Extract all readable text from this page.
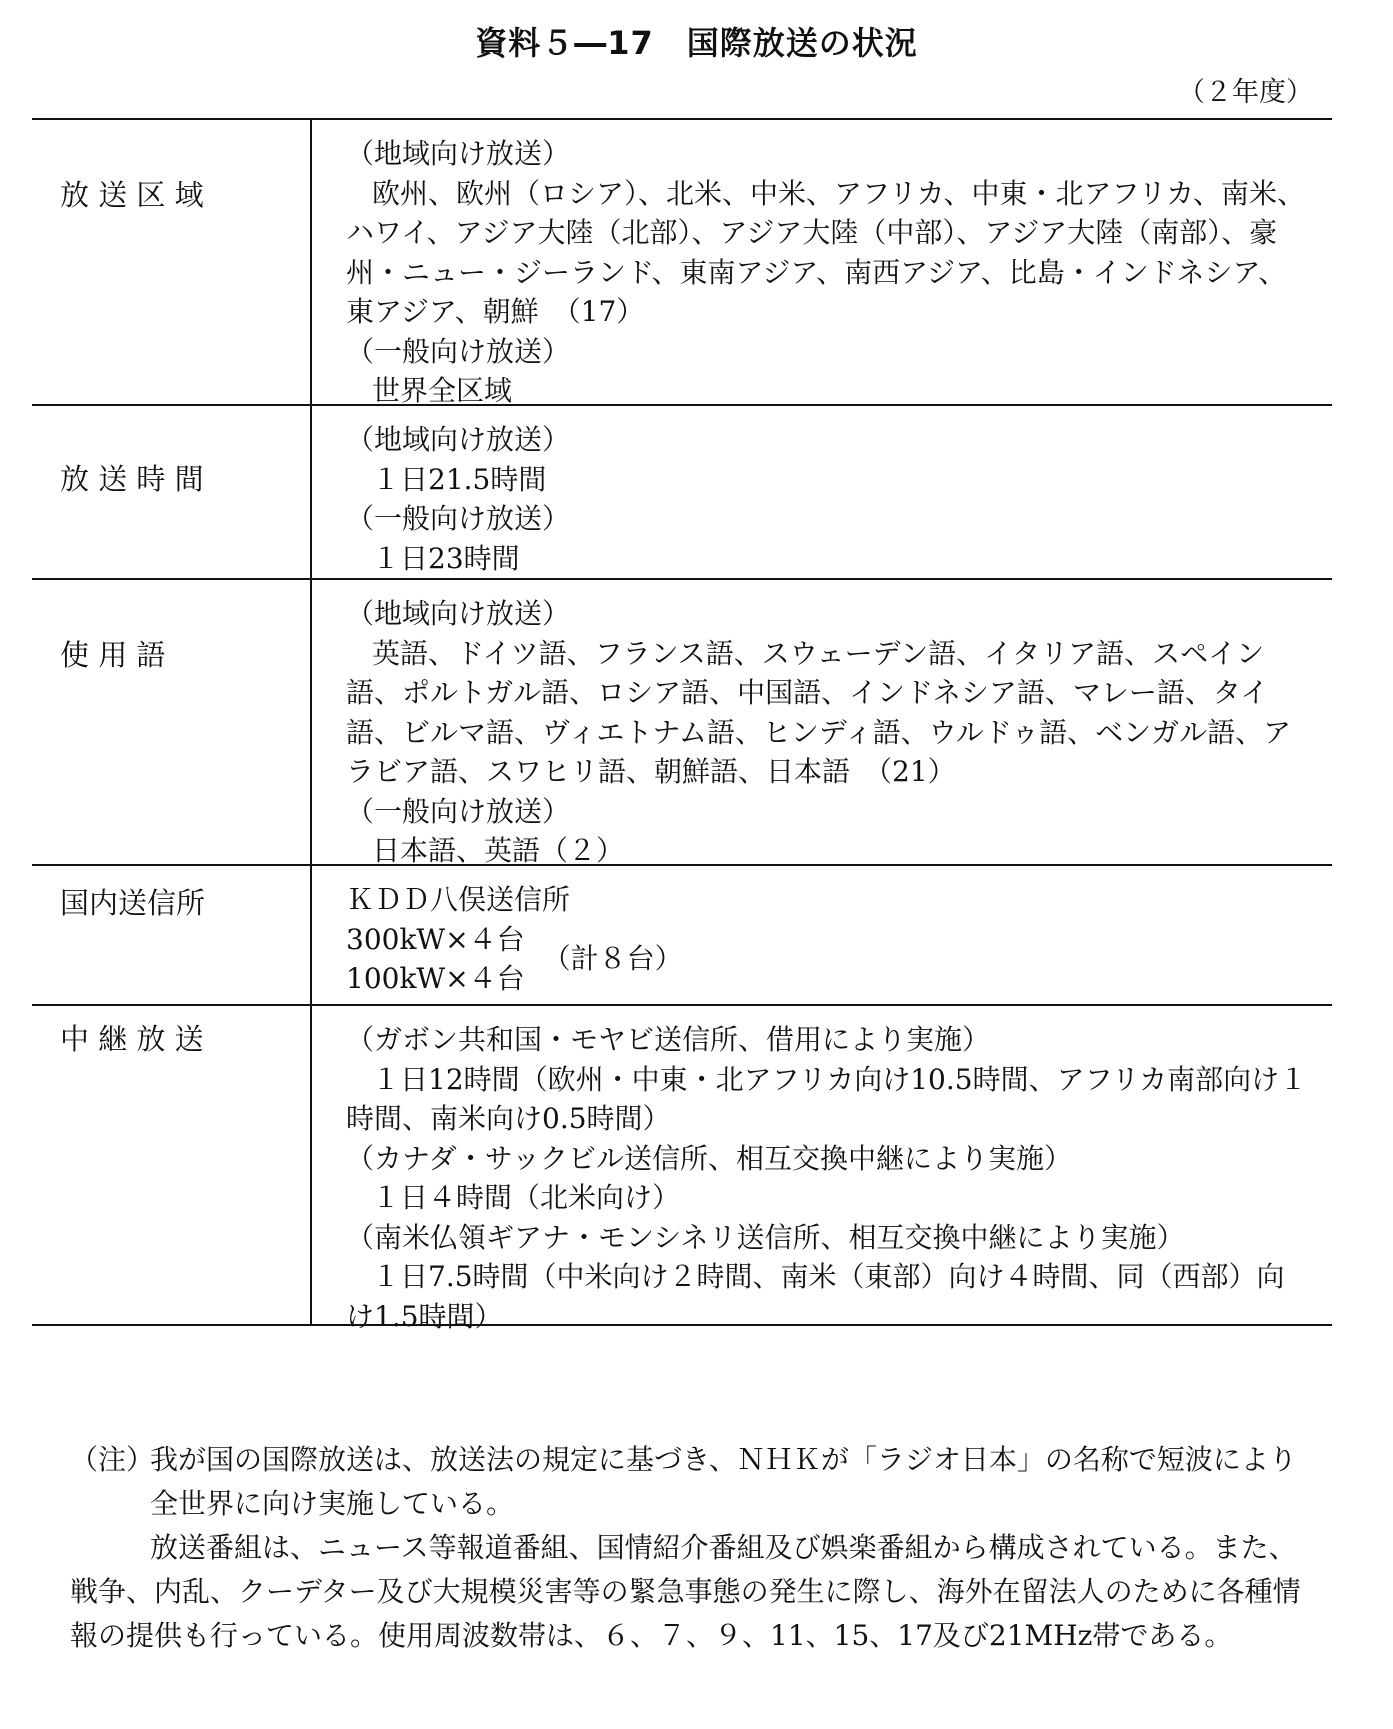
資料５―17　国際放送の状況
（２年度）
放 送 区 域
（地域向け放送）
欧州、欧州（ロシア）、北米、中米、アフリカ、中東・北アフリカ、南米、ハワイ、アジア大陸（北部）、アジア大陸（中部）、アジア大陸（南部）、豪州・ニュー・ジーランド、東南アジア、南西アジア、比島・インドネシア、東アジア、朝鮮　（17）
（一般向け放送）
世界全区域
放 送 時 間
（地域向け放送）
１日21.5時間
（一般向け放送）
１日23時間
使 用 語
（地域向け放送）
英語、ドイツ語、フランス語、スウェーデン語、イタリア語、スペイン語、ポルトガル語、ロシア語、中国語、インドネシア語、マレー語、タイ語、ビルマ語、ヴィエトナム語、ヒンディ語、ウルドゥ語、ベンガル語、アラビア語、スワヒリ語、朝鮮語、日本語　（21）
（一般向け放送）
日本語、英語（２）
国内送信所	ＫＤＤ八俣送信所
300kW×４台
100kW×４台
（計８台）
中 継 放 送	（ガボン共和国・モヤビ送信所、借用により実施）
１日12時間（欧州・中東・北アフリカ向け10.5時間、アフリカ南部向け１時間、南米向け0.5時間）
（カナダ・サックビル送信所、相互交換中継により実施）
１日４時間（北米向け）
（南米仏領ギアナ・モンシネリ送信所、相互交換中継により実施）
１日7.5時間（中米向け２時間、南米（東部）向け４時間、同（西部）向け1.5時間）
（注）
我が国の国際放送は、放送法の規定に基づき、ＮＨＫが「ラジオ日本」の名称で短波により全世界に向け実施している。
放送番組は、ニュース等報道番組、国情紹介番組及び娯楽番組から構成されている。また、戦争、内乱、クーデター及び大規模災害等の緊急事態の発生に際し、海外在留法人のために各種情報の提供も行っている。使用周波数帯は、６、７、９、11、15、17及び21MHz帯である。
